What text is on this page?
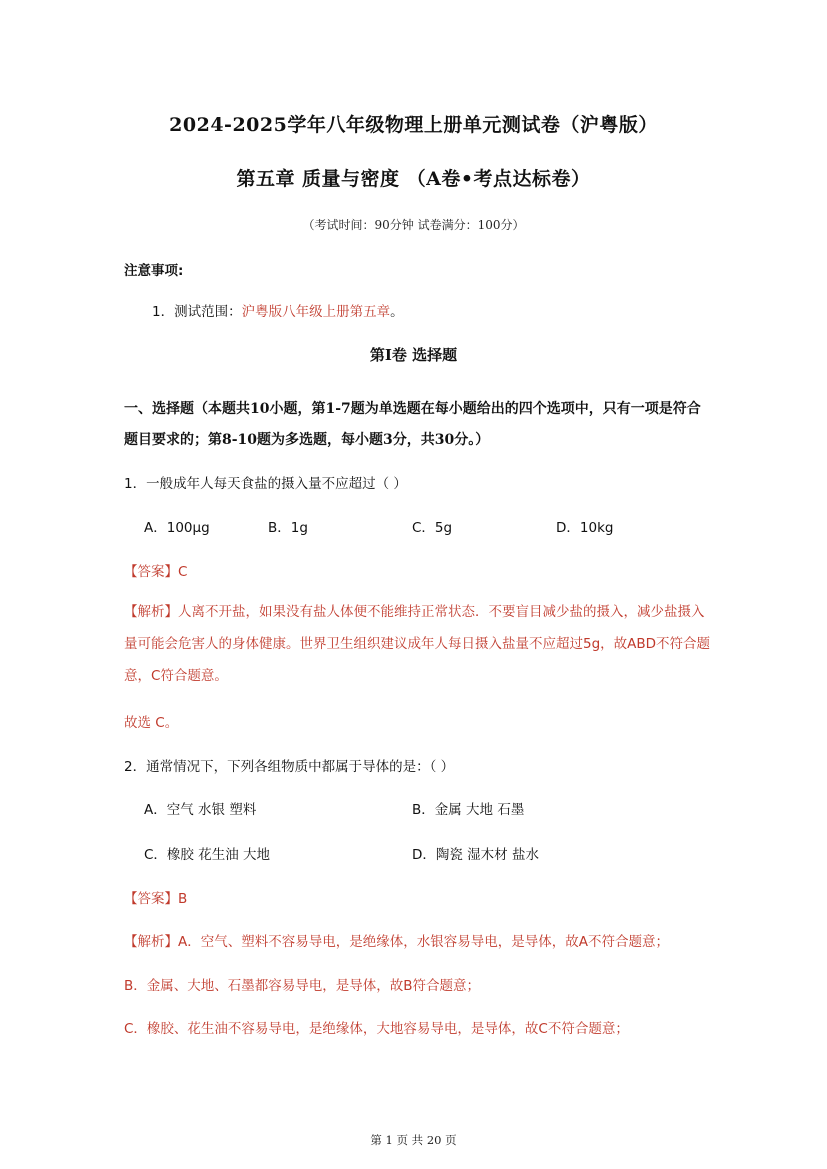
2024-2025学年八年级物理上册单元测试卷（沪粤版）
第五章 质量与密度 （A卷•考点达标卷）
（考试时间：90分钟 试卷满分：100分）
注意事项:
1．测试范围：沪粤版八年级上册第五章。
第Ⅰ卷 选择题
一、选择题（本题共10小题，第1-7题为单选题在每小题给出的四个选项中，只有一项是符合题目要求的；第8-10题为多选题，每小题3分，共30分。）
1．一般成年人每天食盐的摄入量不应超过（ ）
A．100μg	B．1g	C．5g	D．10kg
【答案】C
【解析】人离不开盐，如果没有盐人体便不能维持正常状态．不要盲目减少盐的摄入，减少盐摄入量可能会危害人的身体健康。世界卫生组织建议成年人每日摄入盐量不应超过5g，故ABD不符合题意，C符合题意。
故选 C。
2．通常情况下，下列各组物质中都属于导体的是：（ ）
A．空气 水银 塑料	B．金属 大地 石墨
C．橡胶 花生油 大地	D．陶瓷 湿木材 盐水
【答案】B
【解析】A．空气、塑料不容易导电，是绝缘体，水银容易导电，是导体，故A不符合题意；
B．金属、大地、石墨都容易导电，是导体，故B符合题意；
C．橡胶、花生油不容易导电，是绝缘体，大地容易导电，是导体，故C不符合题意；
第 1 页 共 20 页
